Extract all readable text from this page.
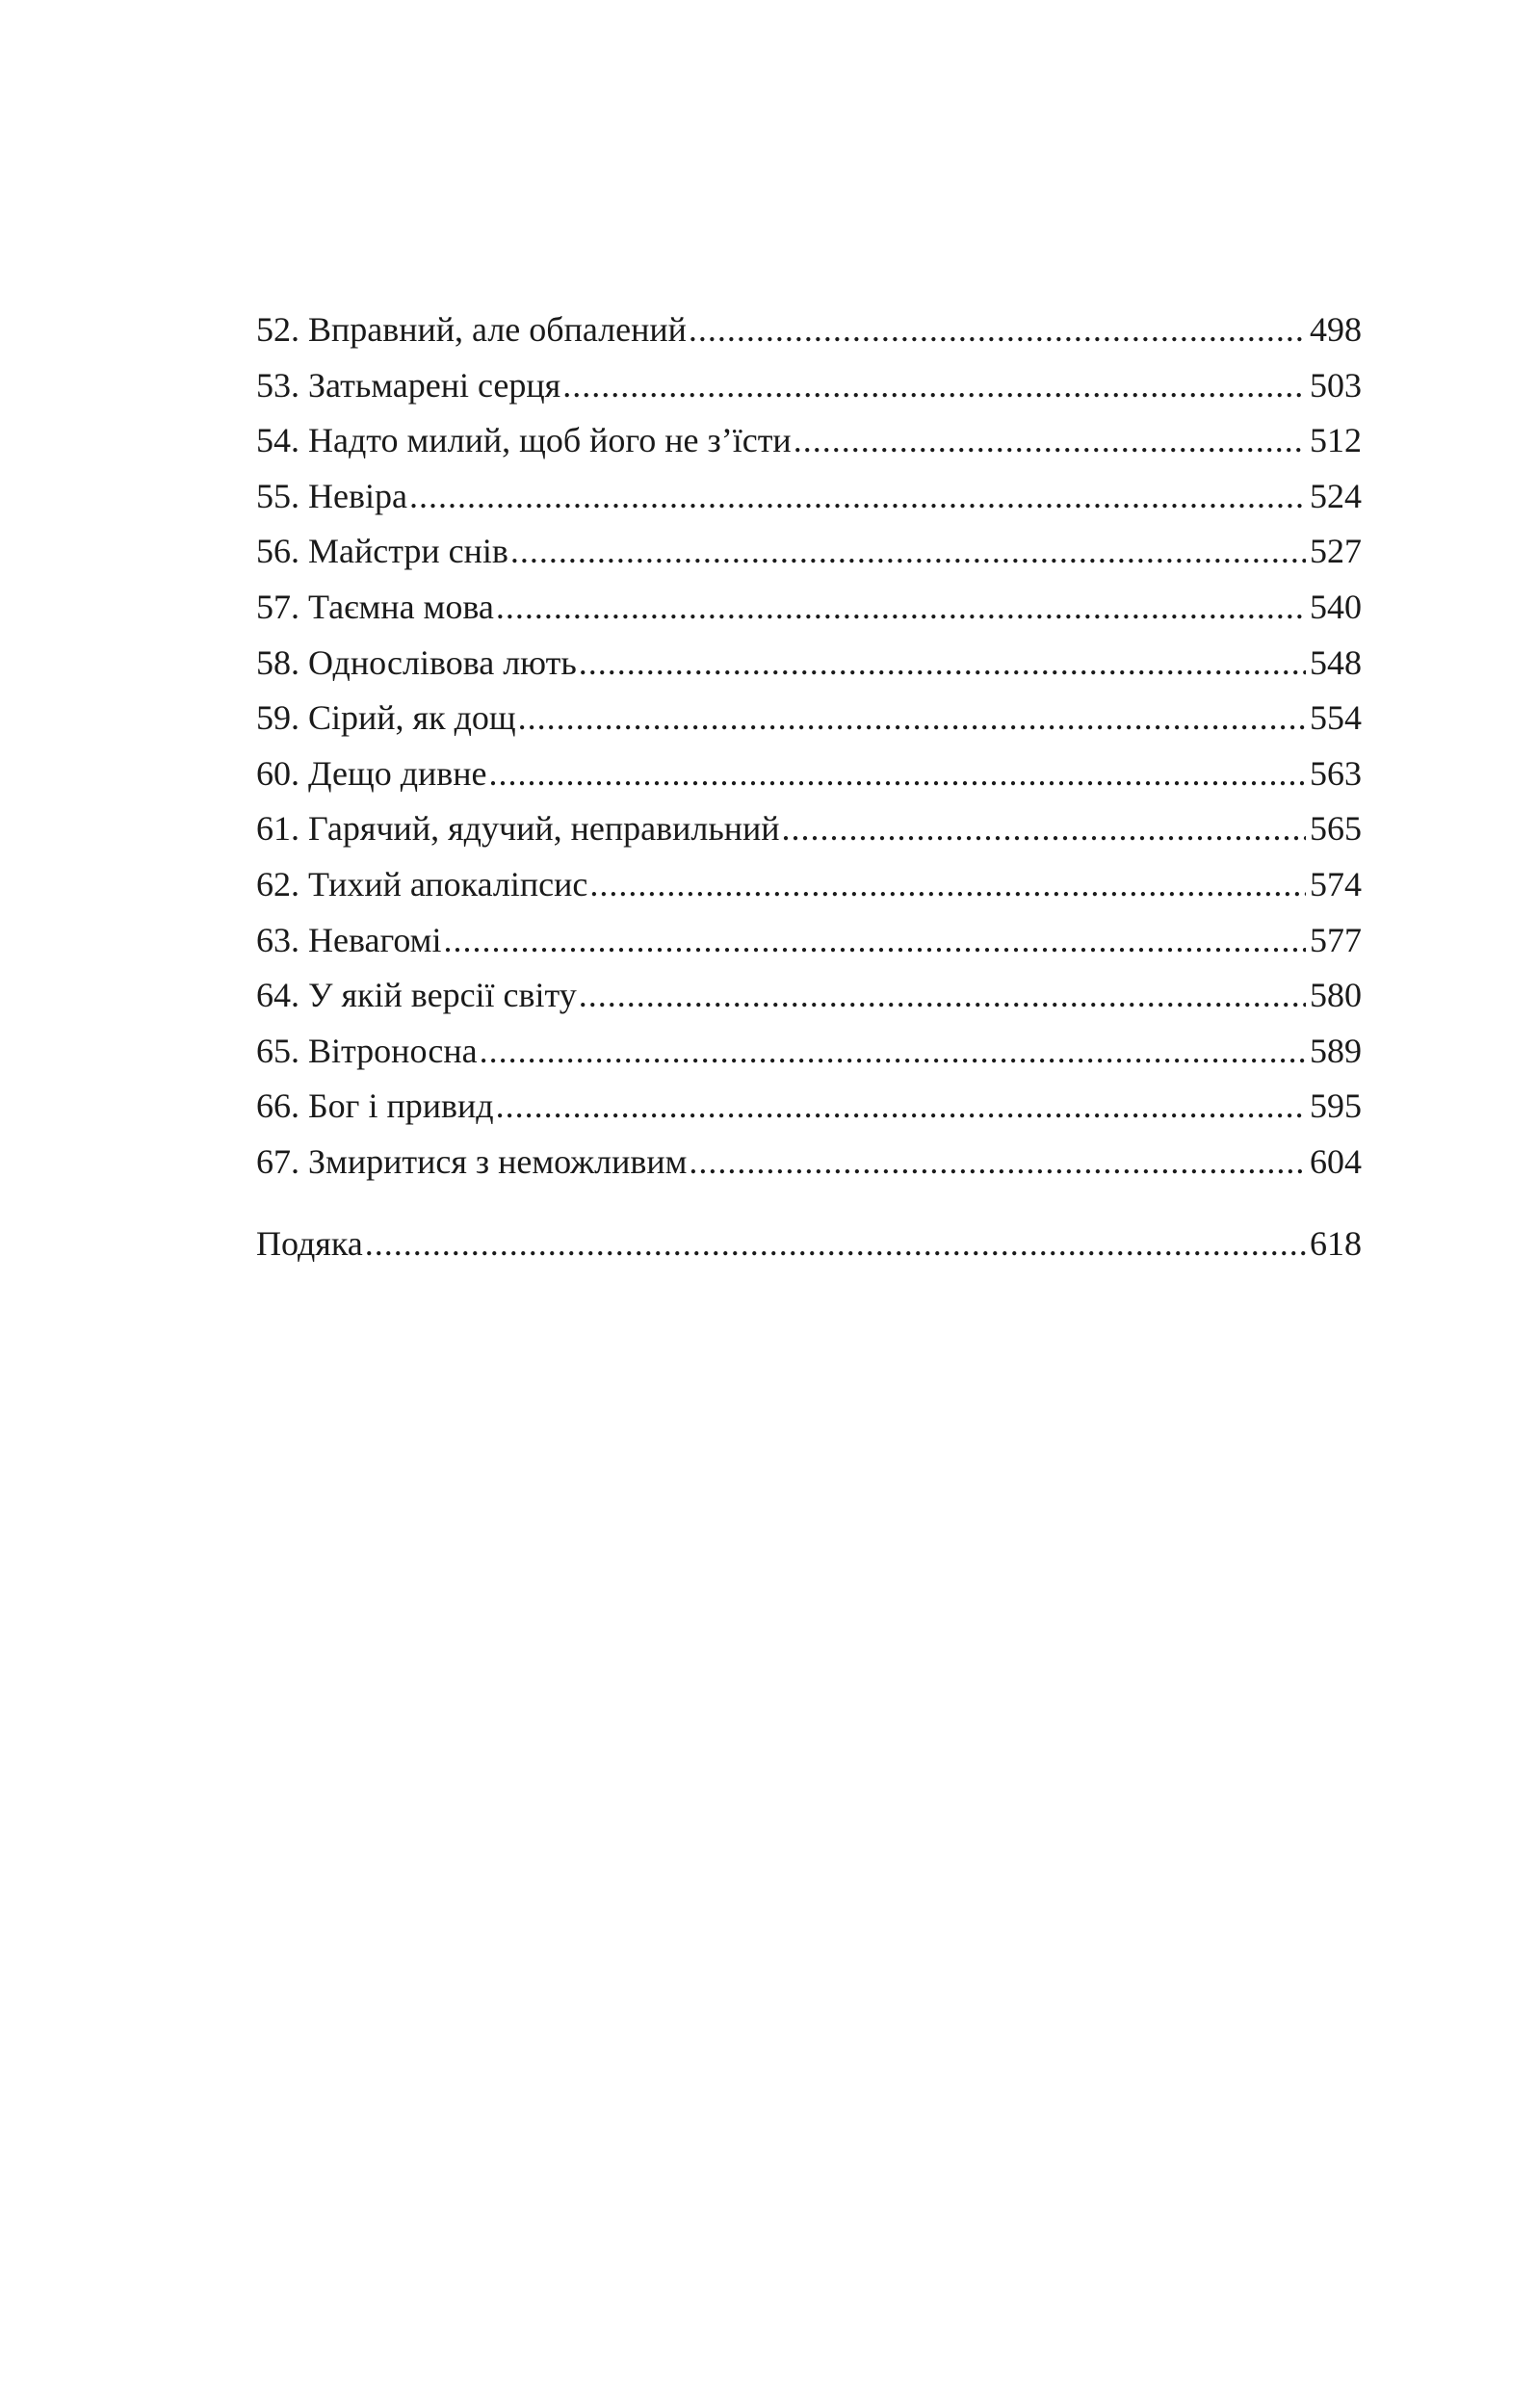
52. Вправний, але обпалений .....	498
53. Затьмарені серця .....	503
54. Надто милий, щоб його не з’їсти .....	512
55. Невіра .....	524
56. Майстри снів .....	527
57. Таємна мова .....	540
58. Однослівова лють .....	548
59. Сірий, як дощ .....	554
60. Дещо дивне .....	563
61. Гарячий, ядучий, неправильний .....	565
62. Тихий апокаліпсис .....	574
63. Невагомі .....	577
64. У якій версії світу .....	580
65. Вітроносна .....	589
66. Бог і привид .....	595
67. Змиритися з неможливим .....	604
Подяка .....	618
